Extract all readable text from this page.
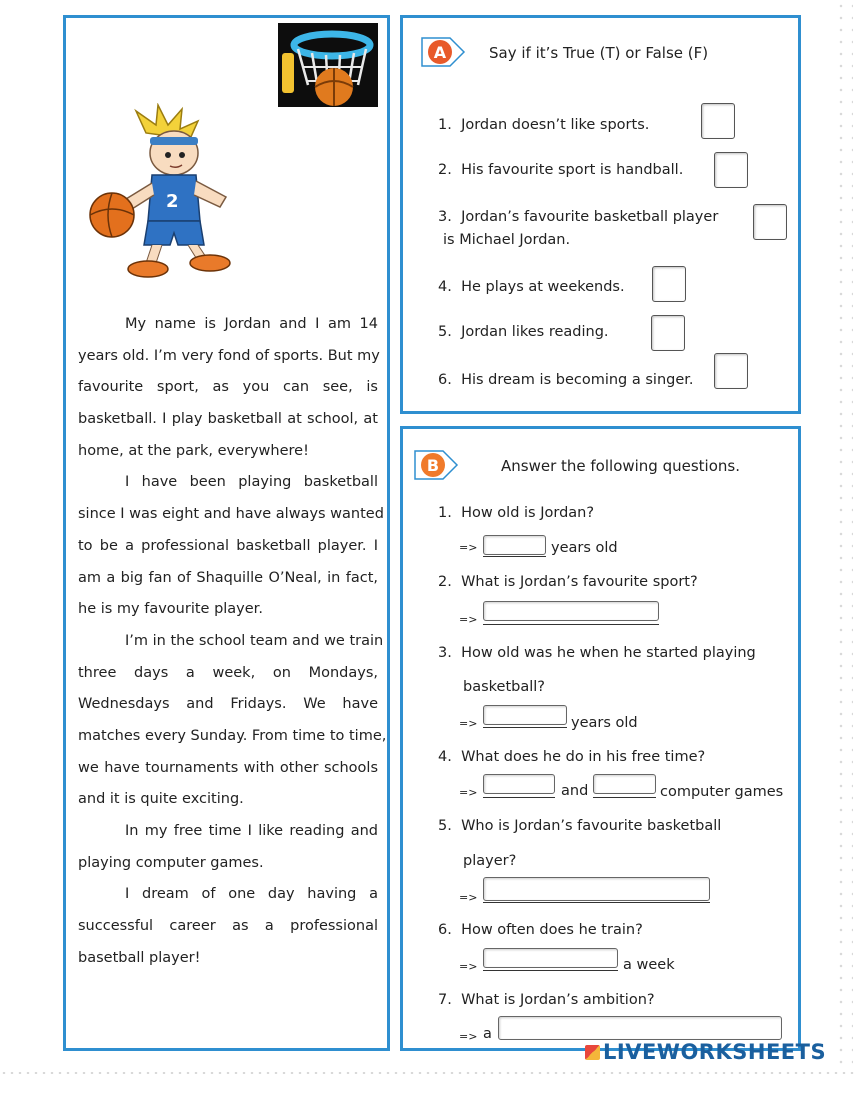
2
My name is Jordan and I am 14
years old. I’m very fond of sports. But my
favourite sport, as you can see, is
basketball. I play basketball at school, at
home, at the park, everywhere!
I have been playing basketball
since I was eight and have always wanted
to be a professional basketball player. I
am a big fan of Shaquille O’Neal, in fact,
he is my favourite player.
I’m in the school team and we train
three days a week, on Mondays,
Wednesdays and Fridays. We have
matches every Sunday. From time to time,
we have tournaments with other schools
and it is quite exciting.
In my free time I like reading and
playing computer games.
I dream of one day having a
successful career as a professional
basetball player!
A	Say if it’s True (T) or False (F)
1. Jordan doesn’t like sports.
2. His favourite sport is handball.
3. Jordan’s favourite basketball player
is Michael Jordan.
4. He plays at weekends.
5. Jordan likes reading.
6. His dream is becoming a singer.
B	Answer the following questions.
1. How old is Jordan?
=>	years old
2. What is Jordan’s favourite sport?
=>
3. How old was he when he started playing
basketball?
=>	years old
4. What does he do in his free time?
=>	and	computer games
5. Who is Jordan’s favourite basketball
player?
=>
6. How often does he train?
=>	a week
7. What is Jordan’s ambition?
=> a
LIVEWORKSHEETS
